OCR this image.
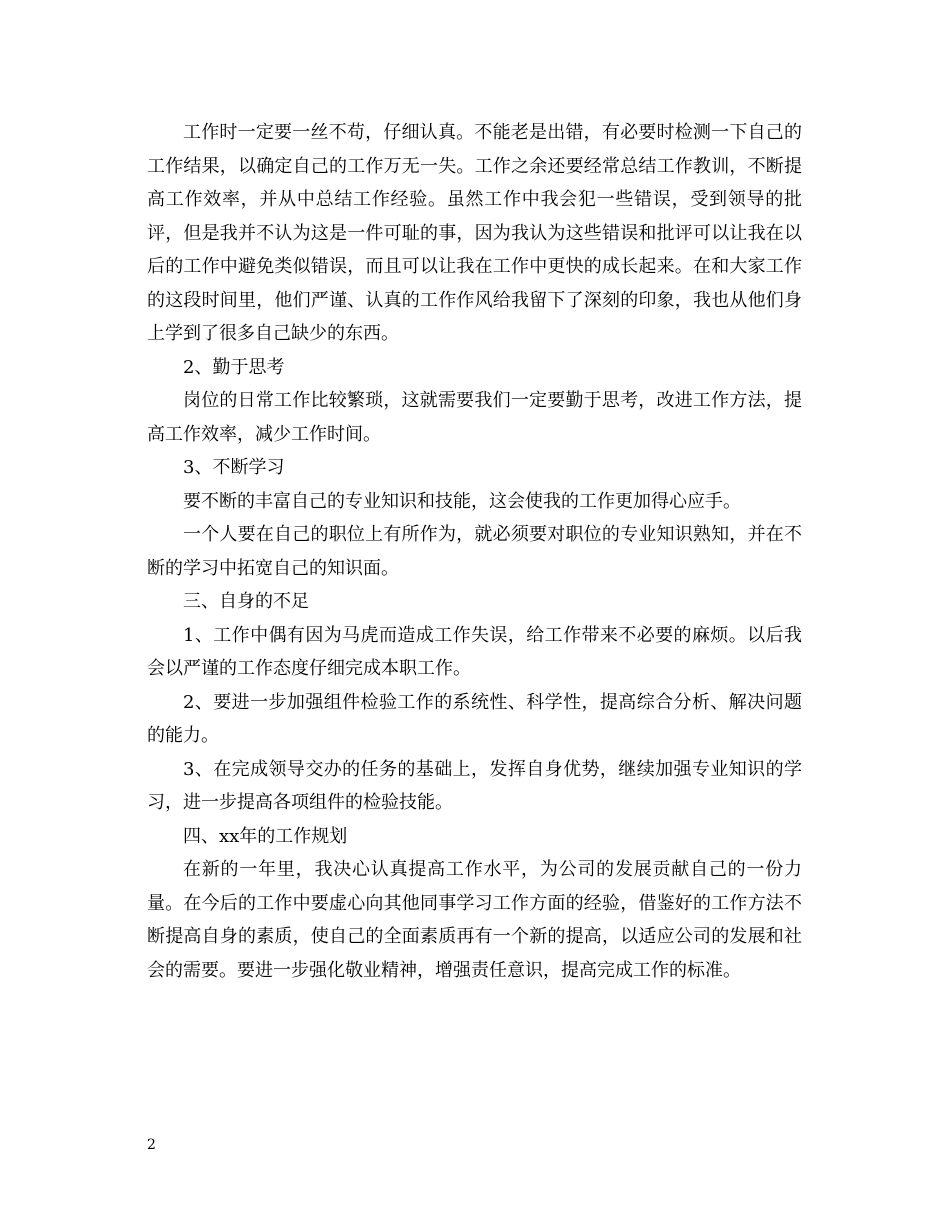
工作时一定要一丝不苟，仔细认真。不能老是出错，有必要时检测一下自己的工作结果，以确定自己的工作万无一失。工作之余还要经常总结工作教训，不断提高工作效率，并从中总结工作经验。虽然工作中我会犯一些错误，受到领导的批评，但是我并不认为这是一件可耻的事，因为我认为这些错误和批评可以让我在以后的工作中避免类似错误，而且可以让我在工作中更快的成长起来。在和大家工作的这段时间里，他们严谨、认真的工作作风给我留下了深刻的印象，我也从他们身上学到了很多自己缺少的东西。

2、勤于思考

岗位的日常工作比较繁琐，这就需要我们一定要勤于思考，改进工作方法，提高工作效率，减少工作时间。

3、不断学习

要不断的丰富自己的专业知识和技能，这会使我的工作更加得心应手。

一个人要在自己的职位上有所作为，就必须要对职位的专业知识熟知，并在不断的学习中拓宽自己的知识面。

三、自身的不足

1、工作中偶有因为马虎而造成工作失误，给工作带来不必要的麻烦。以后我会以严谨的工作态度仔细完成本职工作。

2、要进一步加强组件检验工作的系统性、科学性，提高综合分析、解决问题的能力。

3、在完成领导交办的任务的基础上，发挥自身优势，继续加强专业知识的学习，进一步提高各项组件的检验技能。

四、xx年的工作规划

在新的一年里，我决心认真提高工作水平，为公司的发展贡献自己的一份力量。在今后的工作中要虚心向其他同事学习工作方面的经验，借鉴好的工作方法不断提高自身的素质，使自己的全面素质再有一个新的提高，以适应公司的发展和社会的需要。要进一步强化敬业精神，增强责任意识，提高完成工作的标准。

2
